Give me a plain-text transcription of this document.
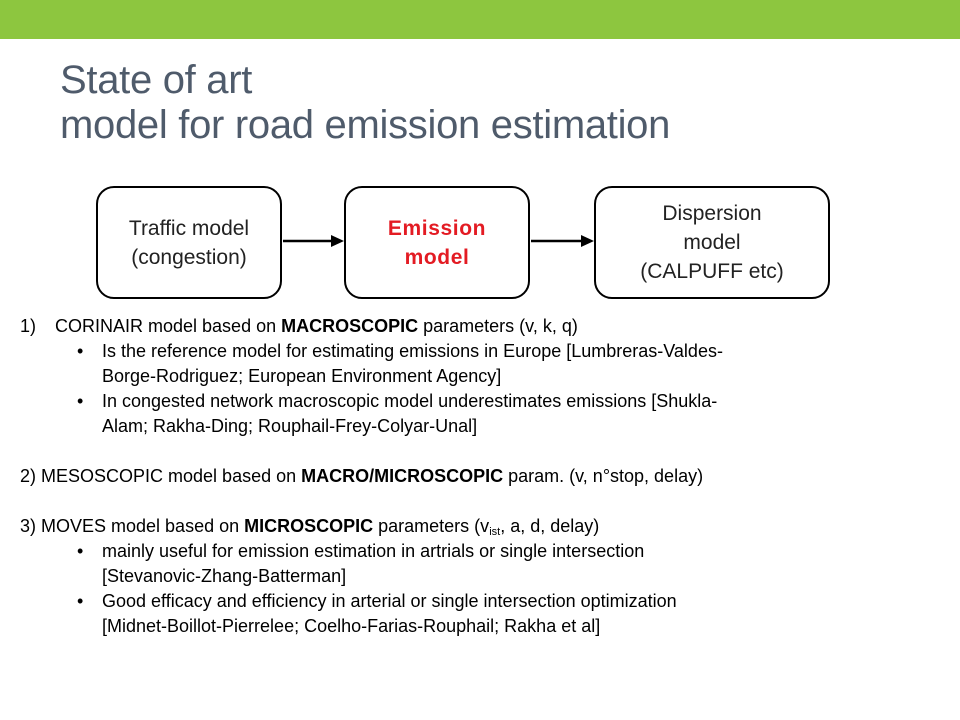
State of art
model for road emission estimation
Traffic model
(congestion)
Emission
model
Dispersion
model
(CALPUFF etc)
1)	CORINAIR model based on MACROSCOPIC parameters (v, k, q)
•	Is the reference model for estimating emissions in Europe [Lumbreras-Valdes-
Borge-Rodriguez; European Environment Agency]
•	In congested network macroscopic model underestimates emissions [Shukla-
Alam; Rakha-Ding; Rouphail-Frey-Colyar-Unal]
2) MESOSCOPIC model based on MACRO/MICROSCOPIC param. (v, n°stop, delay)
3) MOVES model based on MICROSCOPIC parameters ($v_{ist}$, a, d, delay)
•	mainly useful for emission estimation in artrials or single intersection
[Stevanovic-Zhang-Batterman]
•	Good efficacy and efficiency in arterial or single intersection optimization
[Midnet-Boillot-Pierrelee; Coelho-Farias-Rouphail; Rakha et al]
